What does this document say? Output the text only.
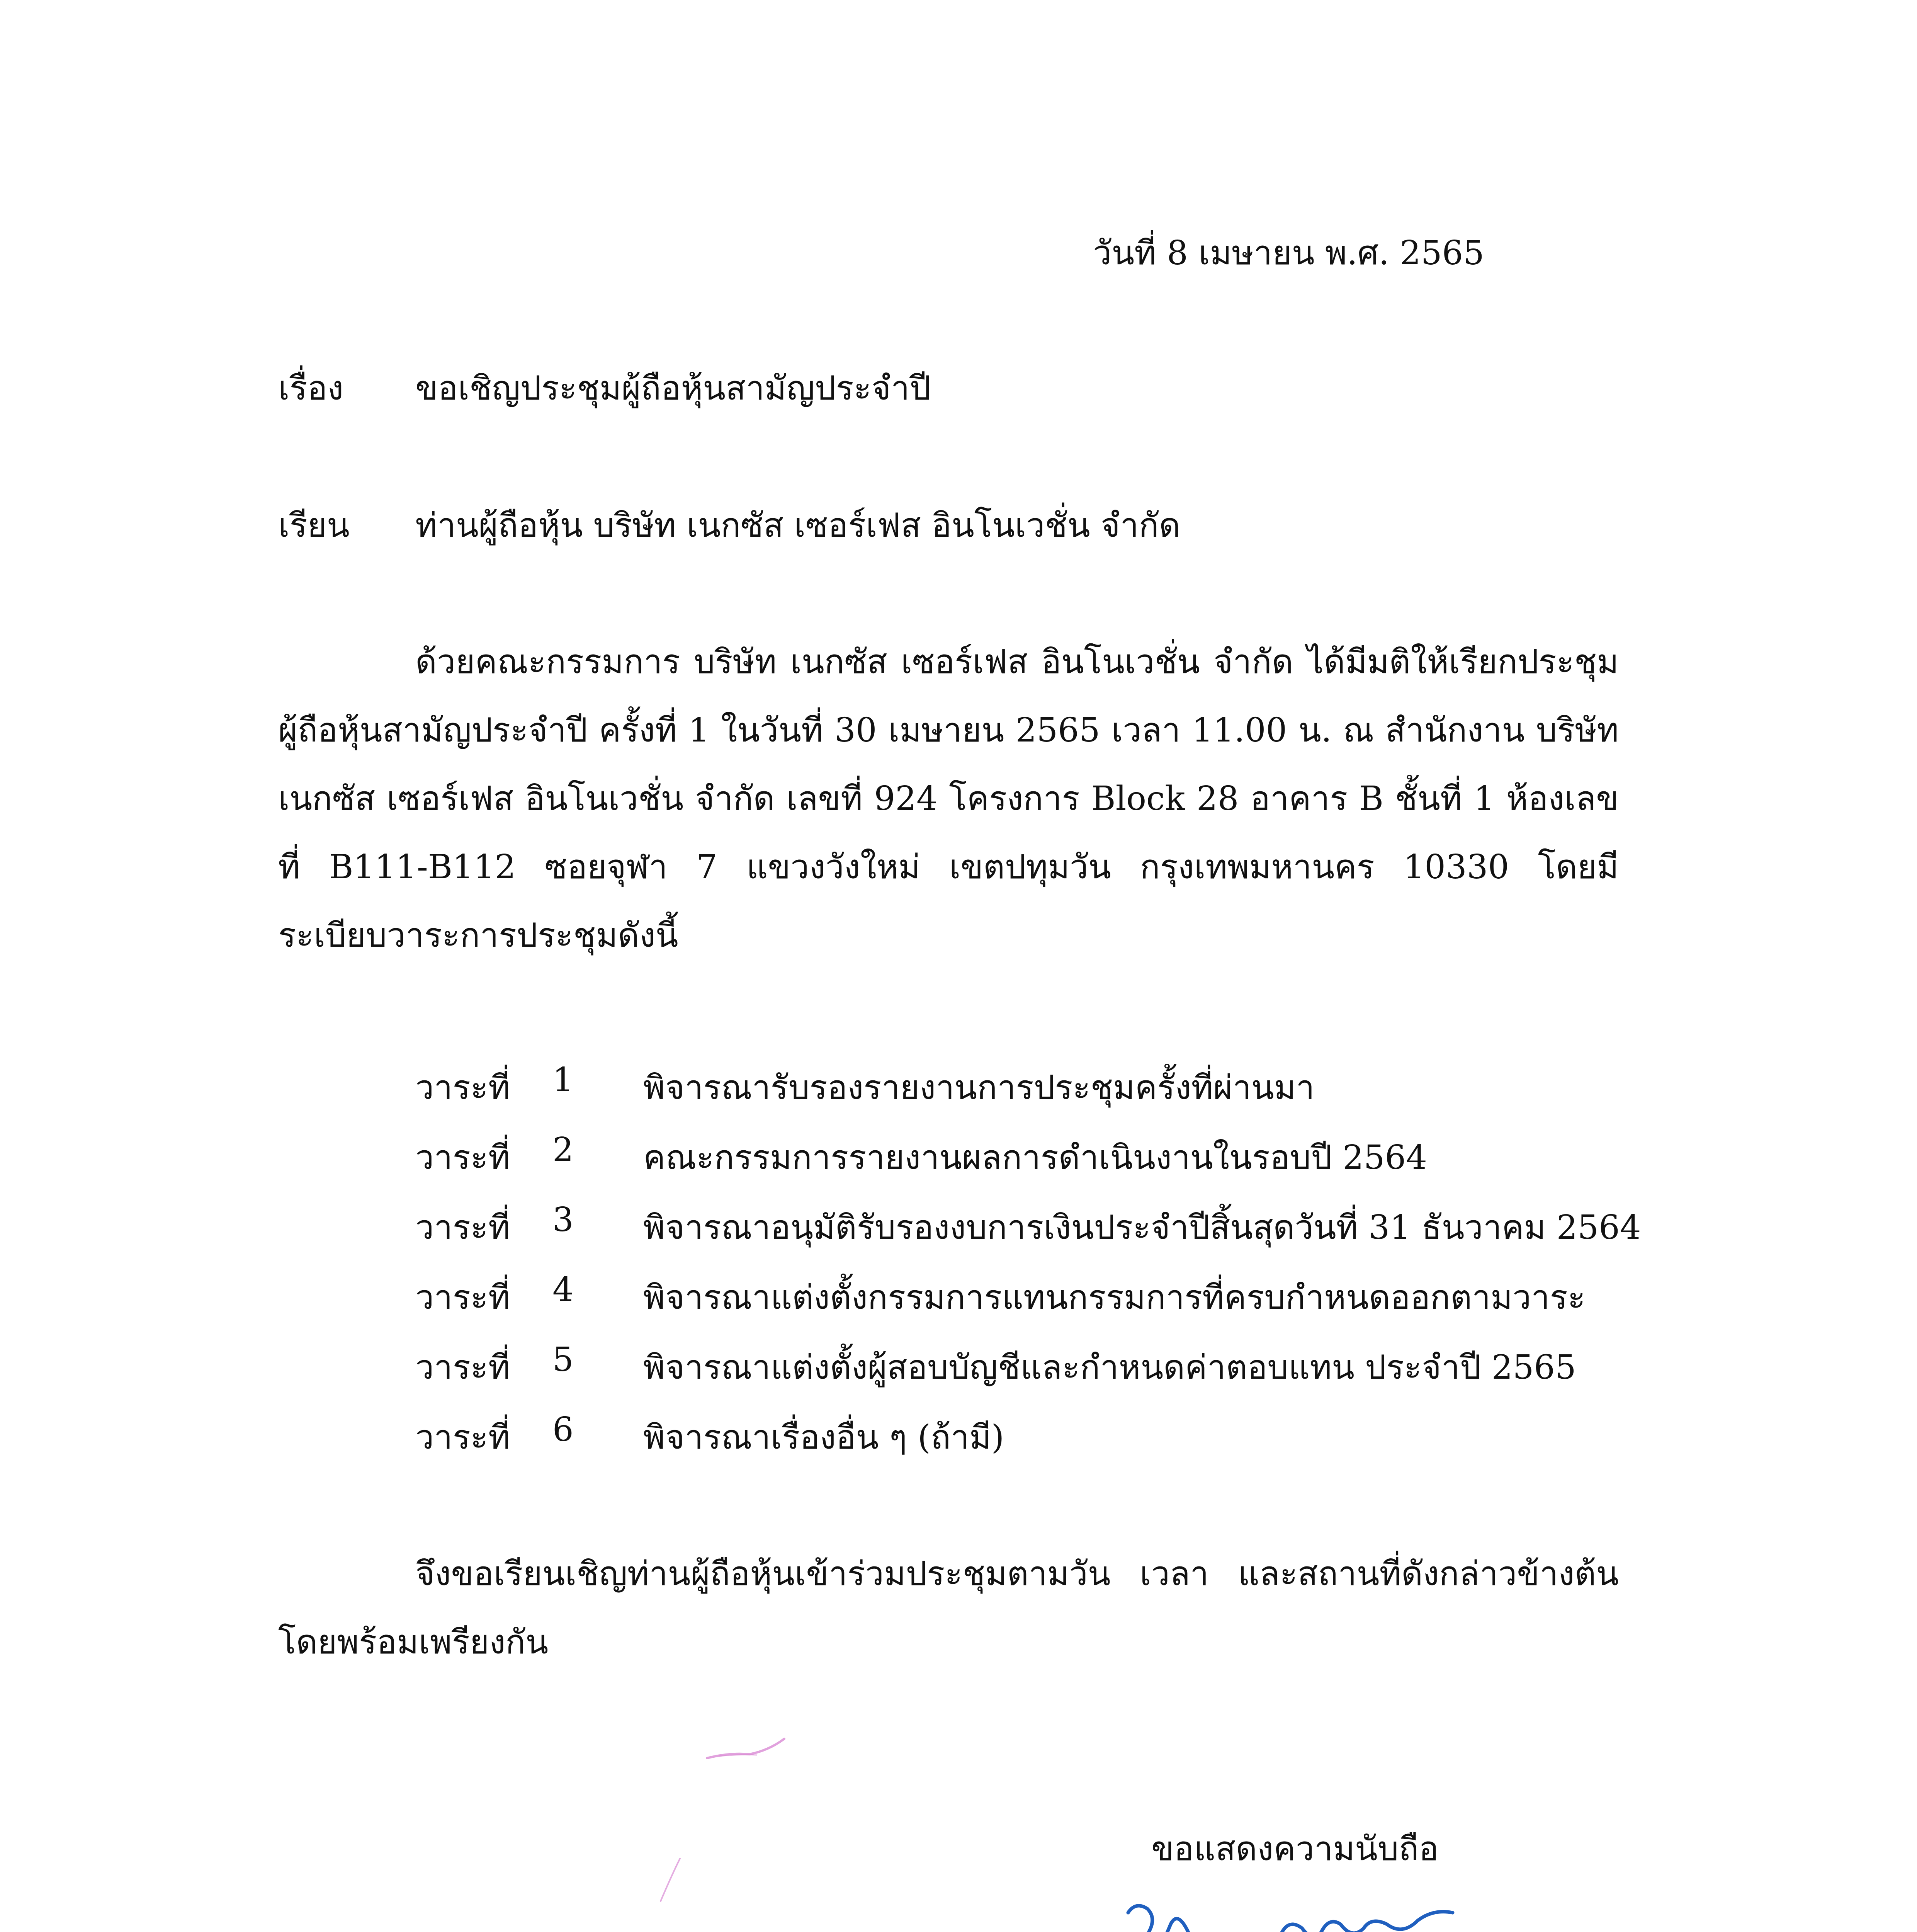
วันที่ 8 เมษายน พ.ศ. 2565
เรื่อง ขอเชิญประชุมผู้ถือหุ้นสามัญประจำปี
เรียน ท่านผู้ถือหุ้น บริษัท เนกซัส เซอร์เฟส อินโนเวชั่น จำกัด
ด้วยคณะกรรมการ บริษัท เนกซัส เซอร์เฟส อินโนเวชั่น จำกัด ได้มีมติให้เรียกประชุมผู้ถือหุ้นสามัญประจำปี ครั้งที่ 1 ในวันที่ 30 เมษายน 2565 เวลา 11.00 น. ณ สำนักงาน บริษัท เนกซัส เซอร์เฟส อินโนเวชั่น จำกัด เลขที่ 924 โครงการ Block 28 อาคาร B ชั้นที่ 1 ห้องเลขที่ B111-B112 ซอยจุฬา 7 แขวงวังใหม่ เขตปทุมวัน กรุงเทพมหานคร 10330 โดยมีระเบียบวาระการประชุมดังนี้
วาระที่ 1 พิจารณารับรองรายงานการประชุมครั้งที่ผ่านมา
วาระที่ 2 คณะกรรมการรายงานผลการดำเนินงานในรอบปี 2564
วาระที่ 3 พิจารณาอนุมัติรับรองงบการเงินประจำปีสิ้นสุดวันที่ 31 ธันวาคม 2564
วาระที่ 4 พิจารณาแต่งตั้งกรรมการแทนกรรมการที่ครบกำหนดออกตามวาระ
วาระที่ 5 พิจารณาแต่งตั้งผู้สอบบัญชีและกำหนดค่าตอบแทน ประจำปี 2565
วาระที่ 6 พิจารณาเรื่องอื่น ๆ (ถ้ามี)
จึงขอเรียนเชิญท่านผู้ถือหุ้นเข้าร่วมประชุมตามวัน เวลา และสถานที่ดังกล่าวข้างต้น โดยพร้อมเพรียงกัน
ขอแสดงความนับถือ
